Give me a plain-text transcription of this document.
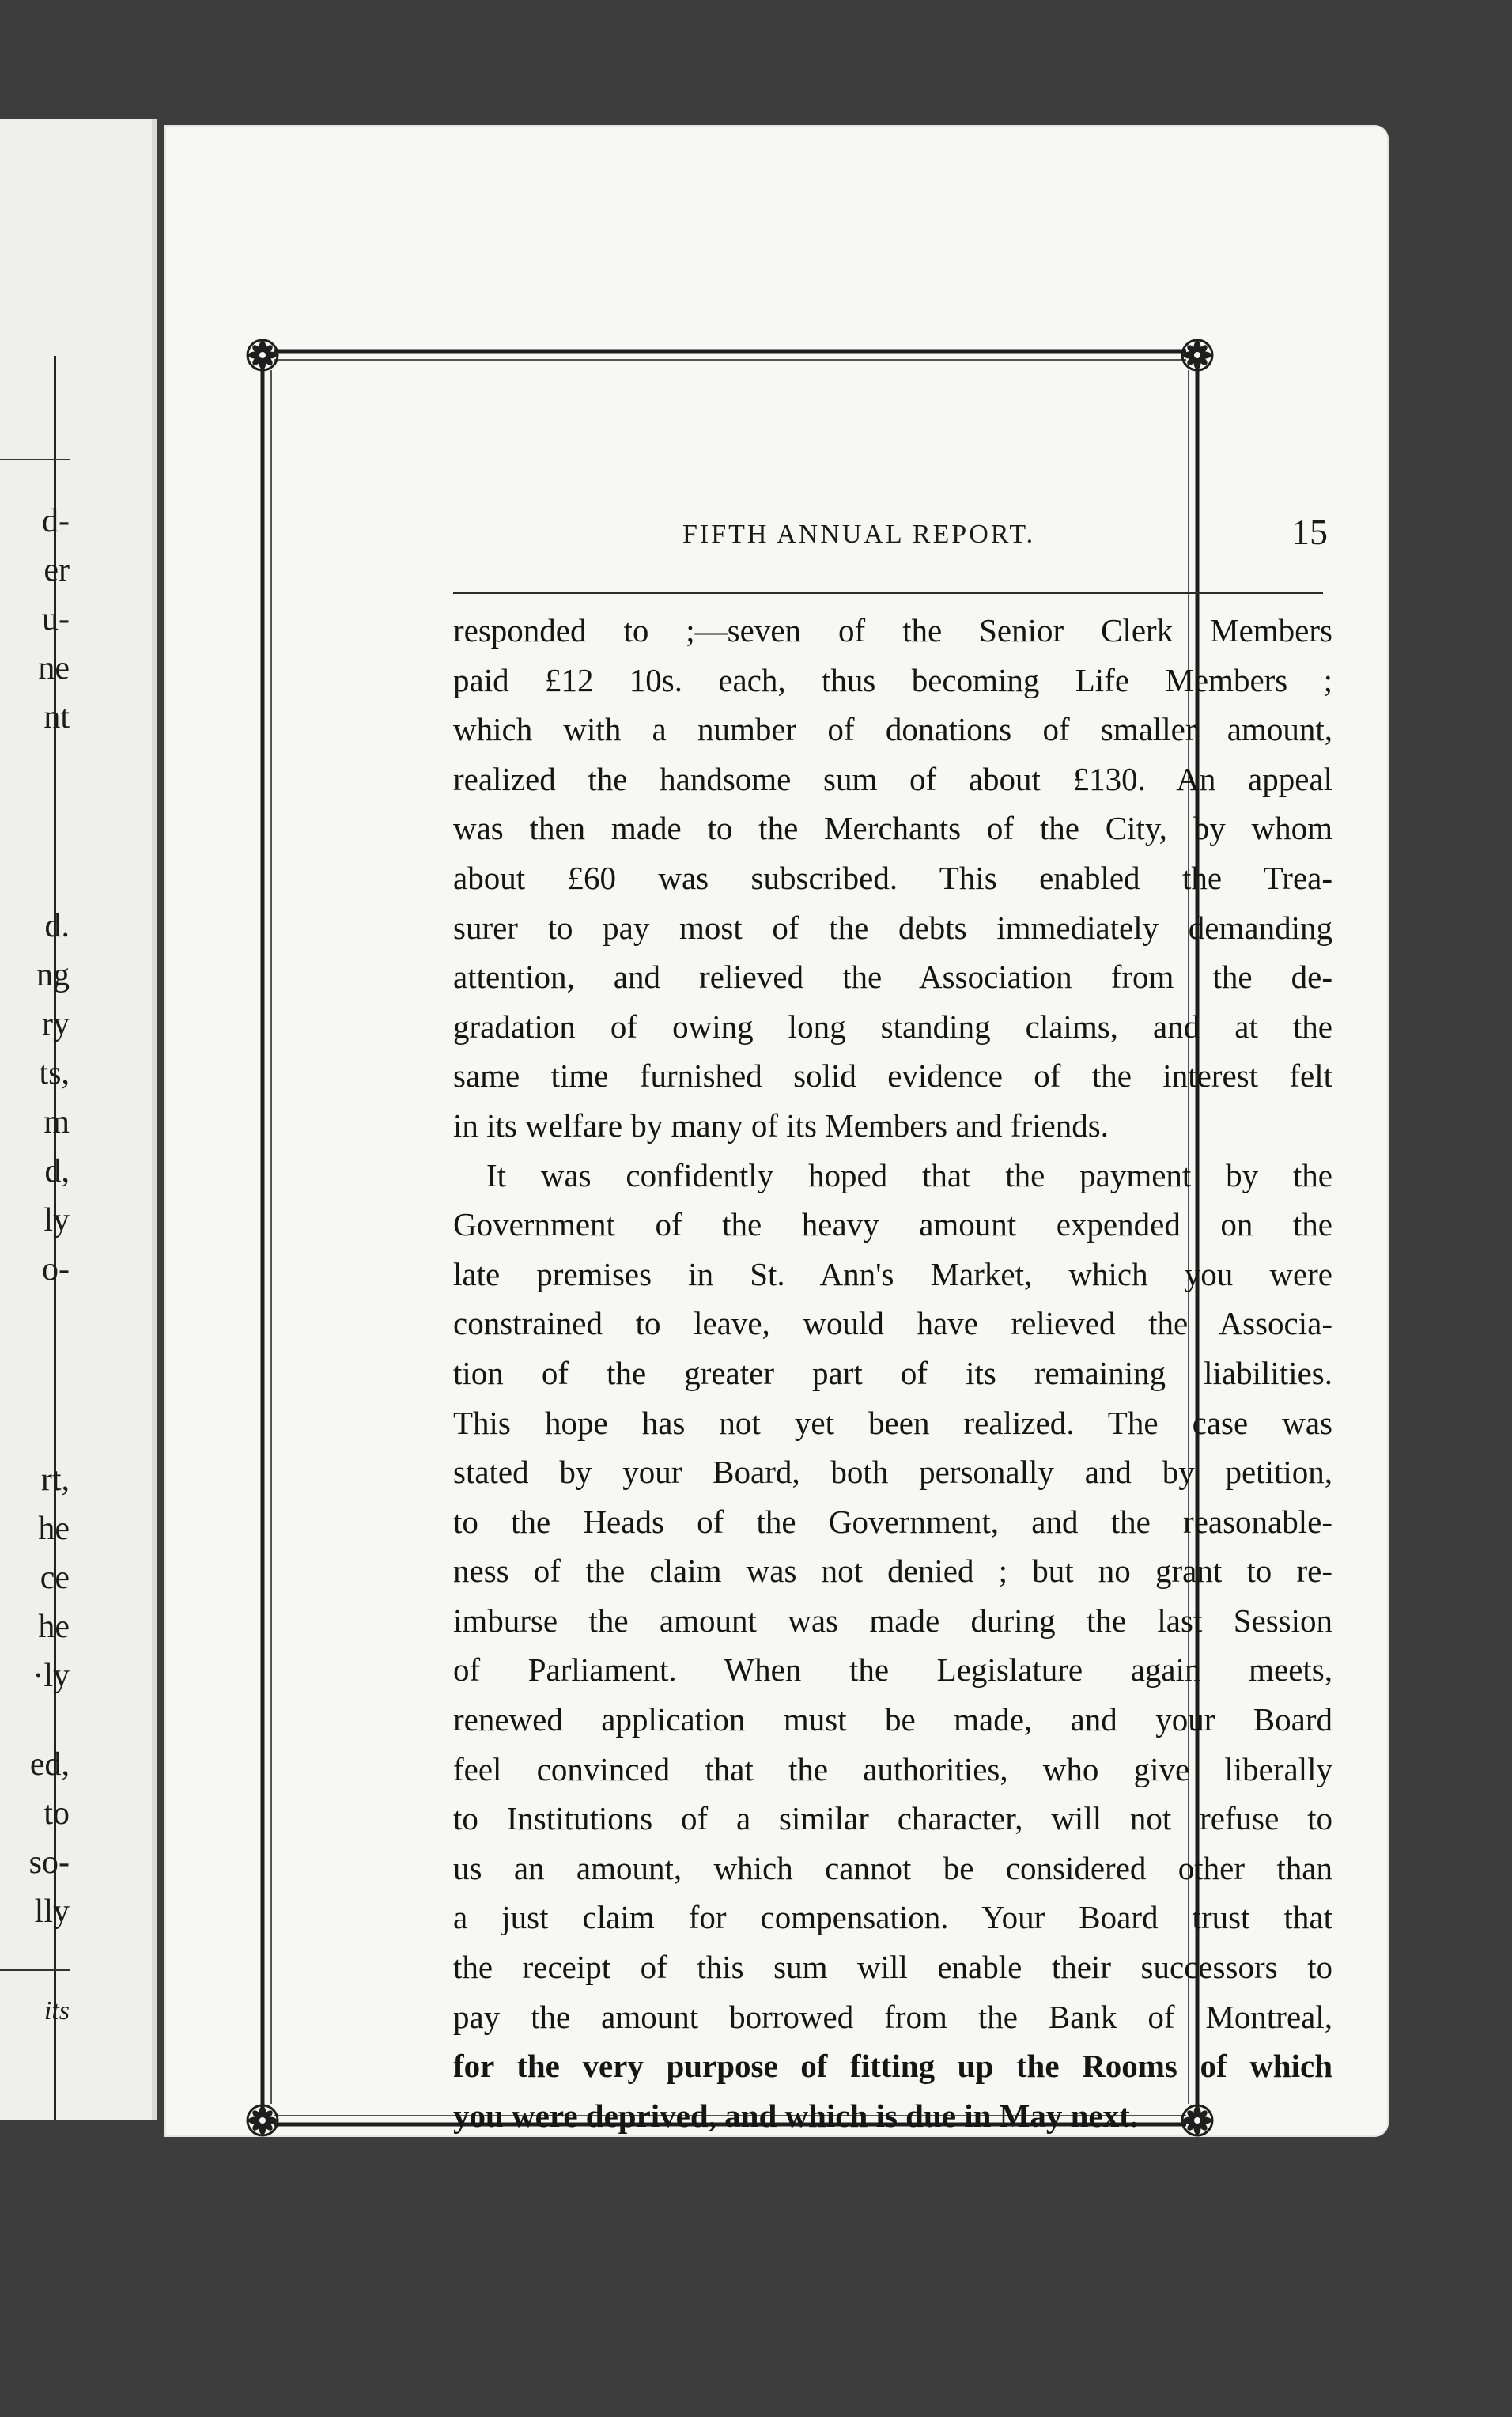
d-
er
u-
ne
nt
d.
ng
ry
ts,
m
d,
ly
o-
rt,
he
ce
he
·ly
ed,
to
so-
lly
its
FIFTH ANNUAL REPORT.	15
responded to ;—seven of the Senior Clerk Members
paid £12 10s. each, thus becoming Life Members ;
which with a number of donations of smaller amount,
realized the handsome sum of about £130. An appeal
was then made to the Merchants of the City, by whom
about £60 was subscribed. This enabled the Trea-
surer to pay most of the debts immediately demanding
attention, and relieved the Association from the de-
gradation of owing long standing claims, and at the
same time furnished solid evidence of the interest felt
in its welfare by many of its Members and friends.
It was confidently hoped that the payment by the
Government of the heavy amount expended on the
late premises in St. Ann's Market, which you were
constrained to leave, would have relieved the Associa-
tion of the greater part of its remaining liabilities.
This hope has not yet been realized. The case was
stated by your Board, both personally and by petition,
to the Heads of the Government, and the reasonable-
ness of the claim was not denied ; but no grant to re-
imburse the amount was made during the last Session
of Parliament. When the Legislature again meets,
renewed application must be made, and your Board
feel convinced that the authorities, who give liberally
to Institutions of a similar character, will not refuse to
us an amount, which cannot be considered other than
a just claim for compensation. Your Board trust that
the receipt of this sum will enable their successors to
pay the amount borrowed from the Bank of Montreal,
for the very purpose of fitting up the Rooms of which
you were deprived, and which is due in May next.
